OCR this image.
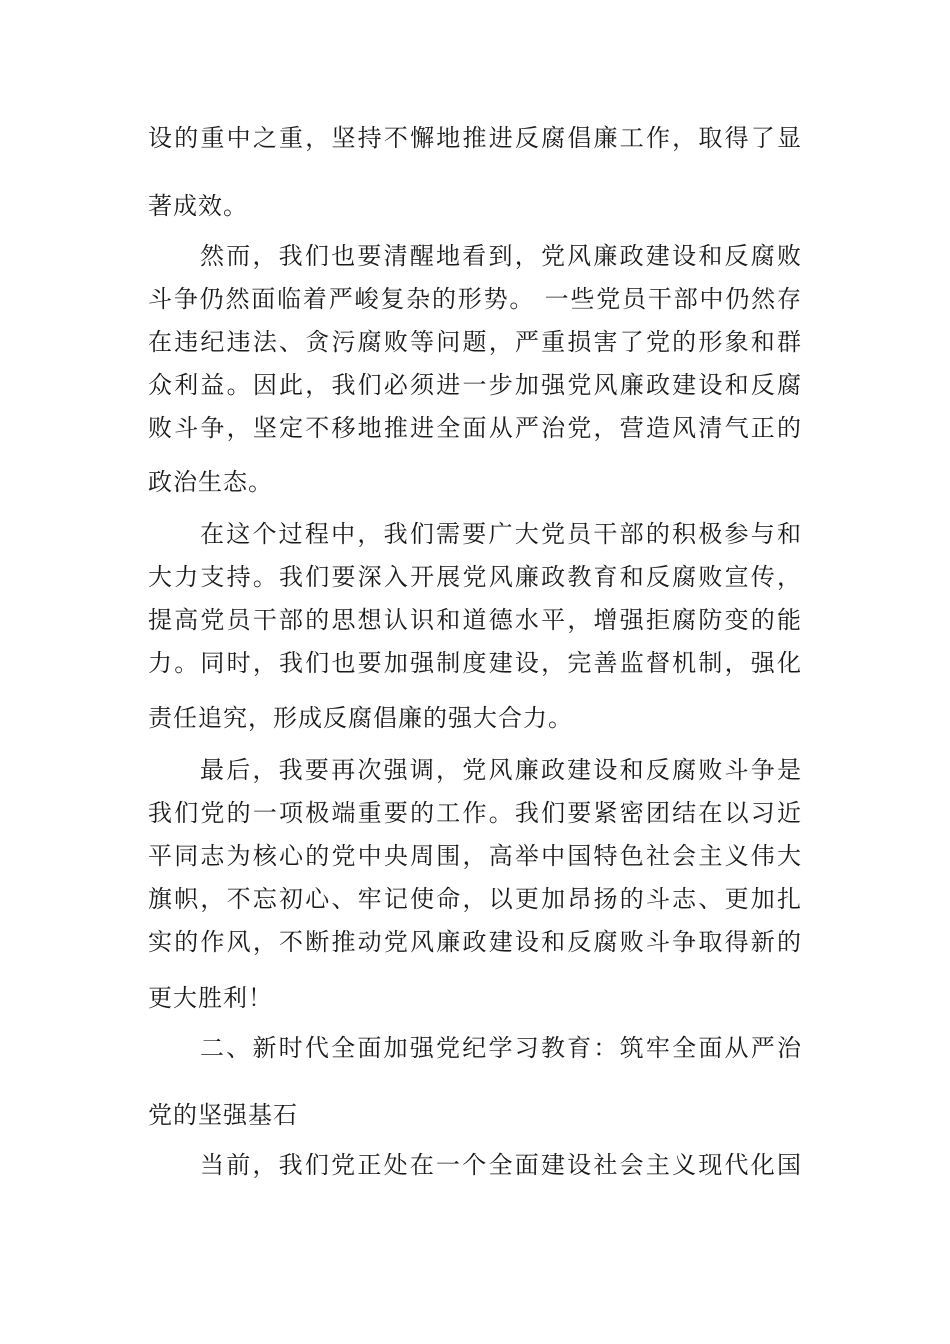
设的重中之重，坚持不懈地推进反腐倡廉工作，取得了显
著成效。
然而，我们也要清醒地看到，党风廉政建设和反腐败
斗争仍然面临着严峻复杂的形势。 一些党员干部中仍然存
在违纪违法、贪污腐败等问题，严重损害了党的形象和群
众利益。因此，我们必须进一步加强党风廉政建设和反腐
败斗争，坚定不移地推进全面从严治党，营造风清气正的
政治生态。
在这个过程中，我们需要广大党员干部的积极参与和
大力支持。我们要深入开展党风廉政教育和反腐败宣传，
提高党员干部的思想认识和道德水平，增强拒腐防变的能
力。同时，我们也要加强制度建设，完善监督机制，强化
责任追究，形成反腐倡廉的强大合力。
最后，我要再次强调，党风廉政建设和反腐败斗争是
我们党的一项极端重要的工作。我们要紧密团结在以习近
平同志为核心的党中央周围，高举中国特色社会主义伟大
旗帜，不忘初心、牢记使命，以更加昂扬的斗志、更加扎
实的作风，不断推动党风廉政建设和反腐败斗争取得新的
更大胜利！
二、新时代全面加强党纪学习教育：筑牢全面从严治
党的坚强基石
当前，我们党正处在一个全面建设社会主义现代化国
